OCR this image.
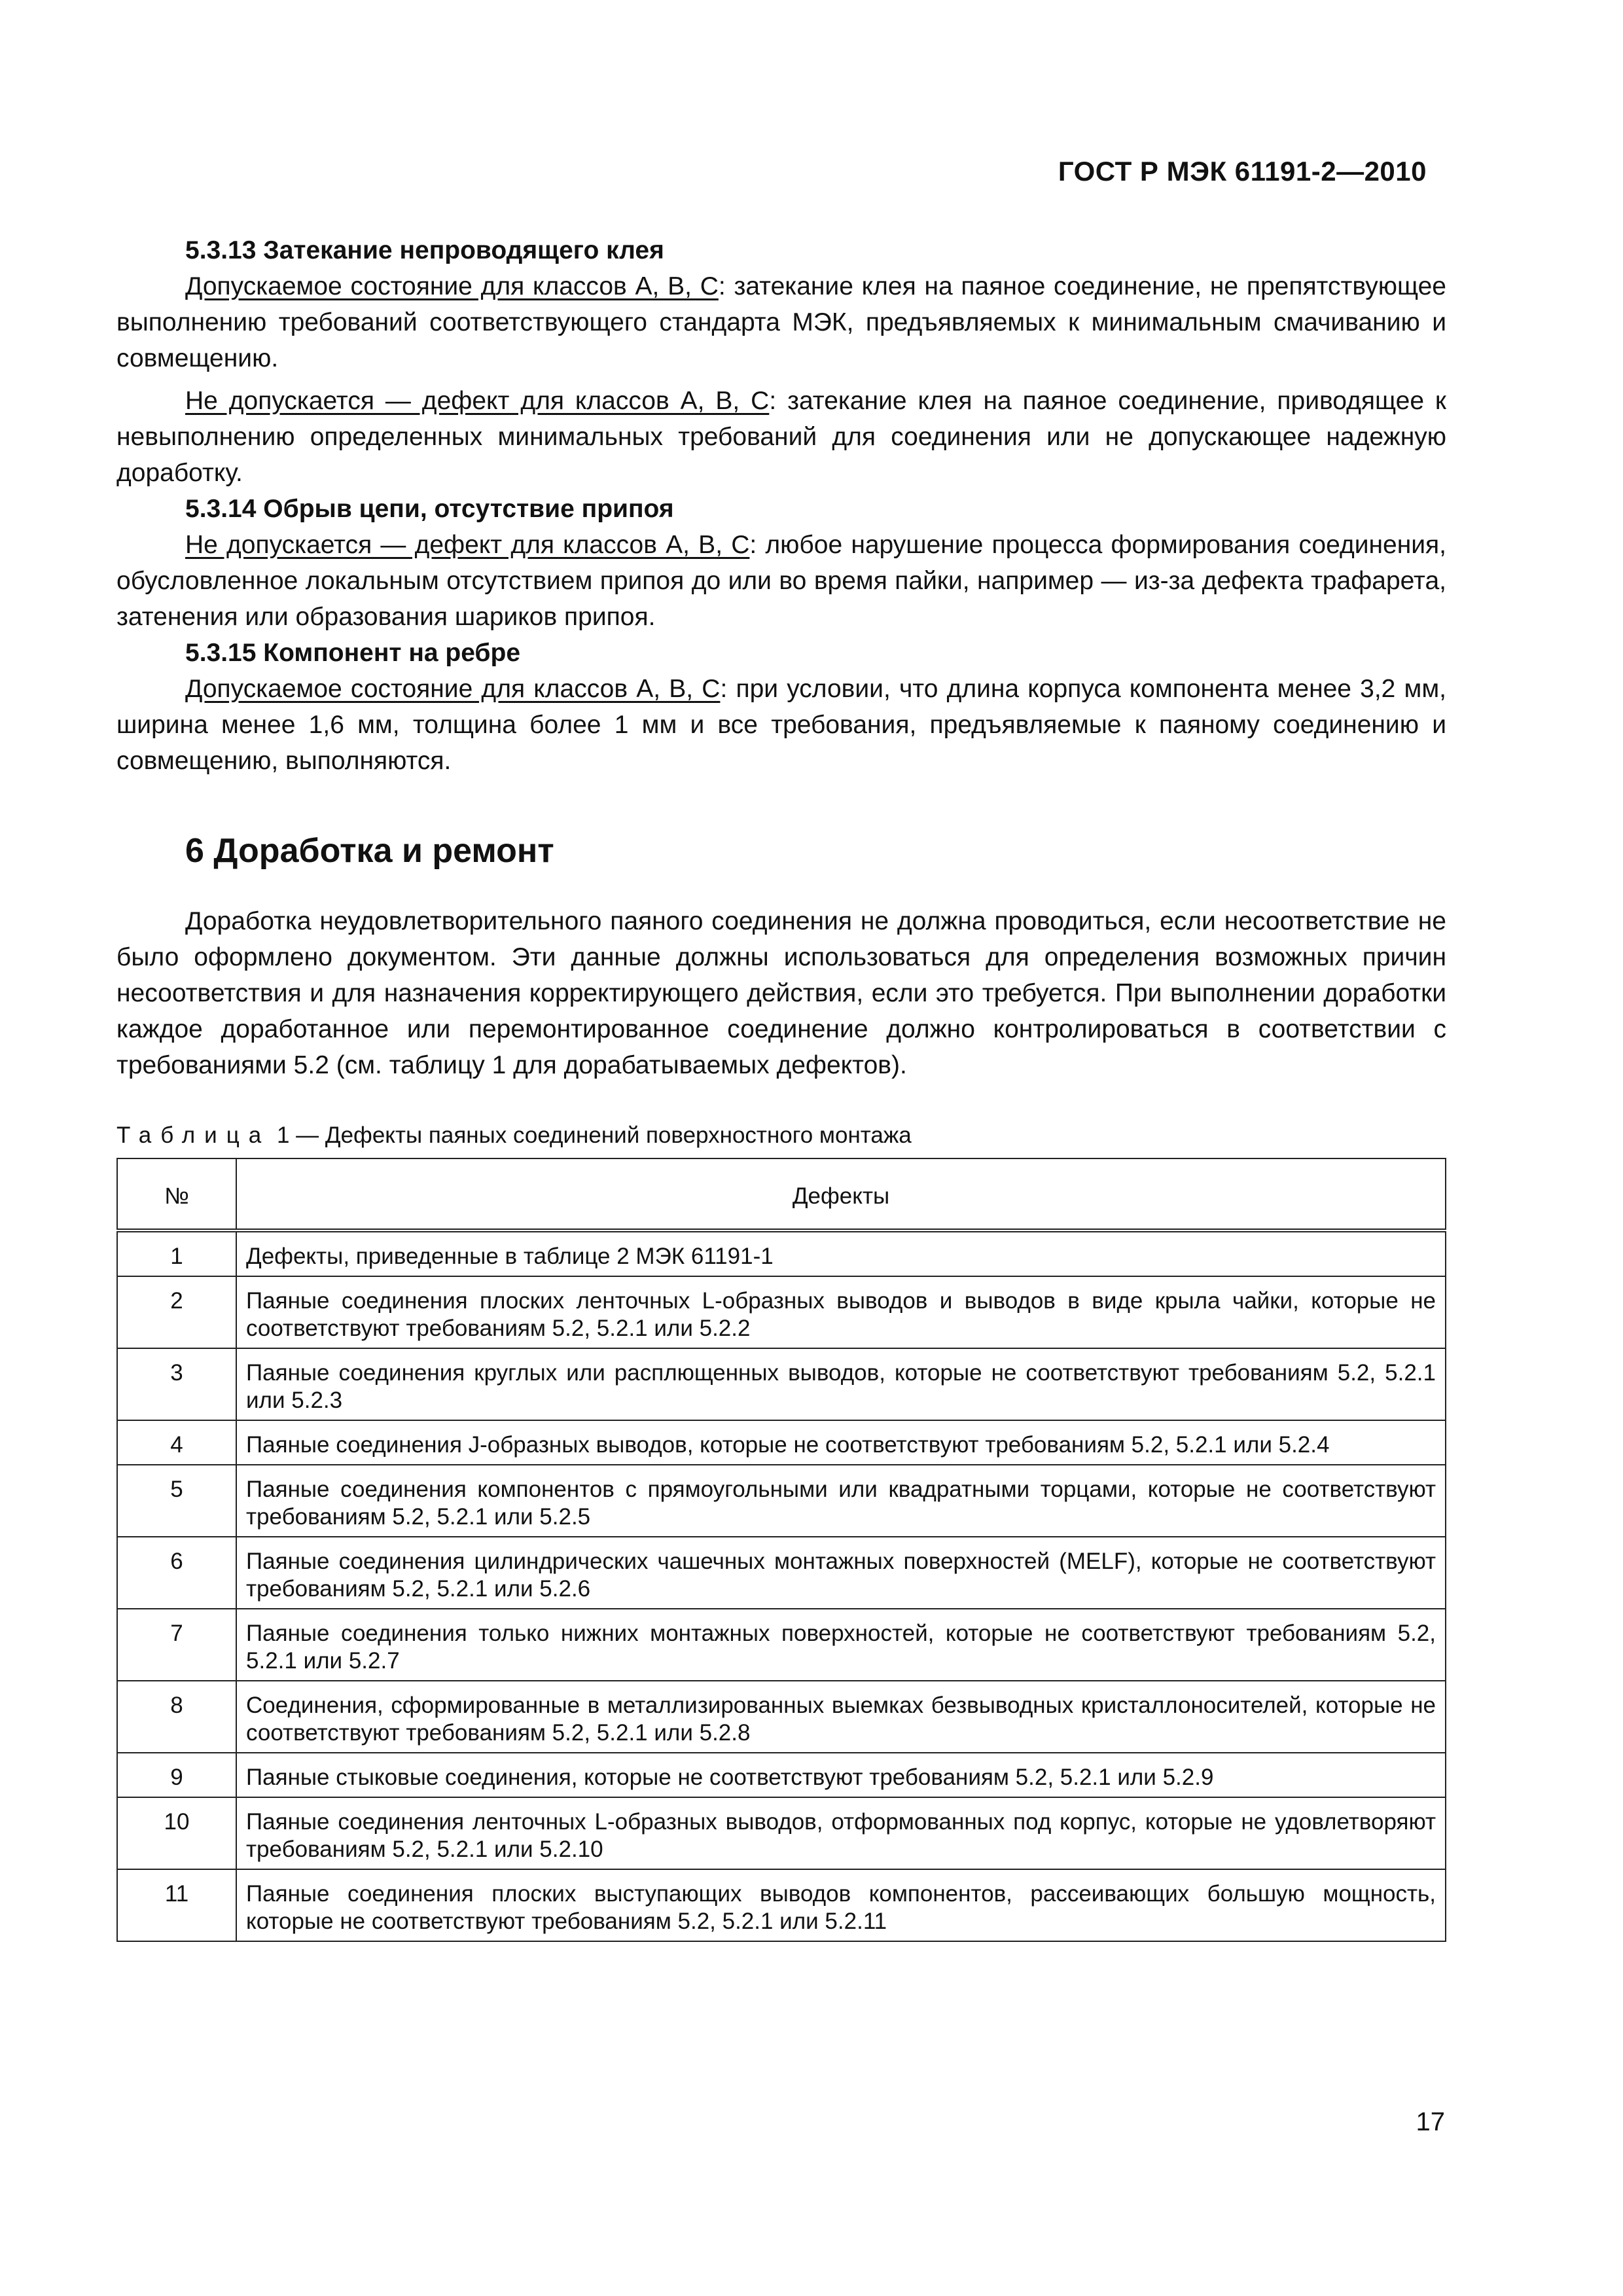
ГОСТ Р МЭК 61191-2—2010

5.3.13 Затекание непроводящего клея

Допускаемое состояние для классов А, В, С: затекание клея на паяное соединение, не препятствующее выполнению требований соответствующего стандарта МЭК, предъявляемых к минимальным смачиванию и совмещению.

Не допускается — дефект для классов А, В, С: затекание клея на паяное соединение, приводящее к невыполнению определенных минимальных требований для соединения или не допускающее надежную доработку.

5.3.14 Обрыв цепи, отсутствие припоя

Не допускается — дефект для классов А, В, С: любое нарушение процесса формирования соединения, обусловленное локальным отсутствием припоя до или во время пайки, например — из-за дефекта трафарета, затенения или образования шариков припоя.

5.3.15 Компонент на ребре

Допускаемое состояние для классов А, В, С: при условии, что длина корпуса компонента менее 3,2 мм, ширина менее 1,6 мм, толщина более 1 мм и все требования, предъявляемые к паяному соединению и совмещению, выполняются.

6 Доработка и ремонт

Доработка неудовлетворительного паяного соединения не должна проводиться, если несоответствие не было оформлено документом. Эти данные должны использоваться для определения возможных причин несоответствия и для назначения корректирующего действия, если это требуется. При выполнении доработки каждое доработанное или перемонтированное соединение должно контролироваться в соответствии с требованиями 5.2 (см. таблицу 1 для дорабатываемых дефектов).

Таблица 1 — Дефекты паяных соединений поверхностного монтажа
№	Дефекты
1	Дефекты, приведенные в таблице 2 МЭК 61191-1
2	Паяные соединения плоских ленточных L-образных выводов и выводов в виде крыла чайки, которые не соответствуют требованиям 5.2, 5.2.1 или 5.2.2
3	Паяные соединения круглых или расплющенных выводов, которые не соответствуют требованиям 5.2, 5.2.1 или 5.2.3
4	Паяные соединения J-образных выводов, которые не соответствуют требованиям 5.2, 5.2.1 или 5.2.4
5	Паяные соединения компонентов с прямоугольными или квадратными торцами, которые не соответствуют требованиям 5.2, 5.2.1 или 5.2.5
6	Паяные соединения цилиндрических чашечных монтажных поверхностей (MELF), которые не соответствуют требованиям 5.2, 5.2.1 или 5.2.6
7	Паяные соединения только нижних монтажных поверхностей, которые не соответствуют требованиям 5.2, 5.2.1 или 5.2.7
8	Соединения, сформированные в металлизированных выемках безвыводных кристаллоносителей, которые не соответствуют требованиям 5.2, 5.2.1 или 5.2.8
9	Паяные стыковые соединения, которые не соответствуют требованиям 5.2, 5.2.1 или 5.2.9
10	Паяные соединения ленточных L-образных выводов, отформованных под корпус, которые не удовлетворяют требованиям 5.2, 5.2.1 или 5.2.10
11	Паяные соединения плоских выступающих выводов компонентов, рассеивающих большую мощность, которые не соответствуют требованиям 5.2, 5.2.1 или 5.2.11
17
